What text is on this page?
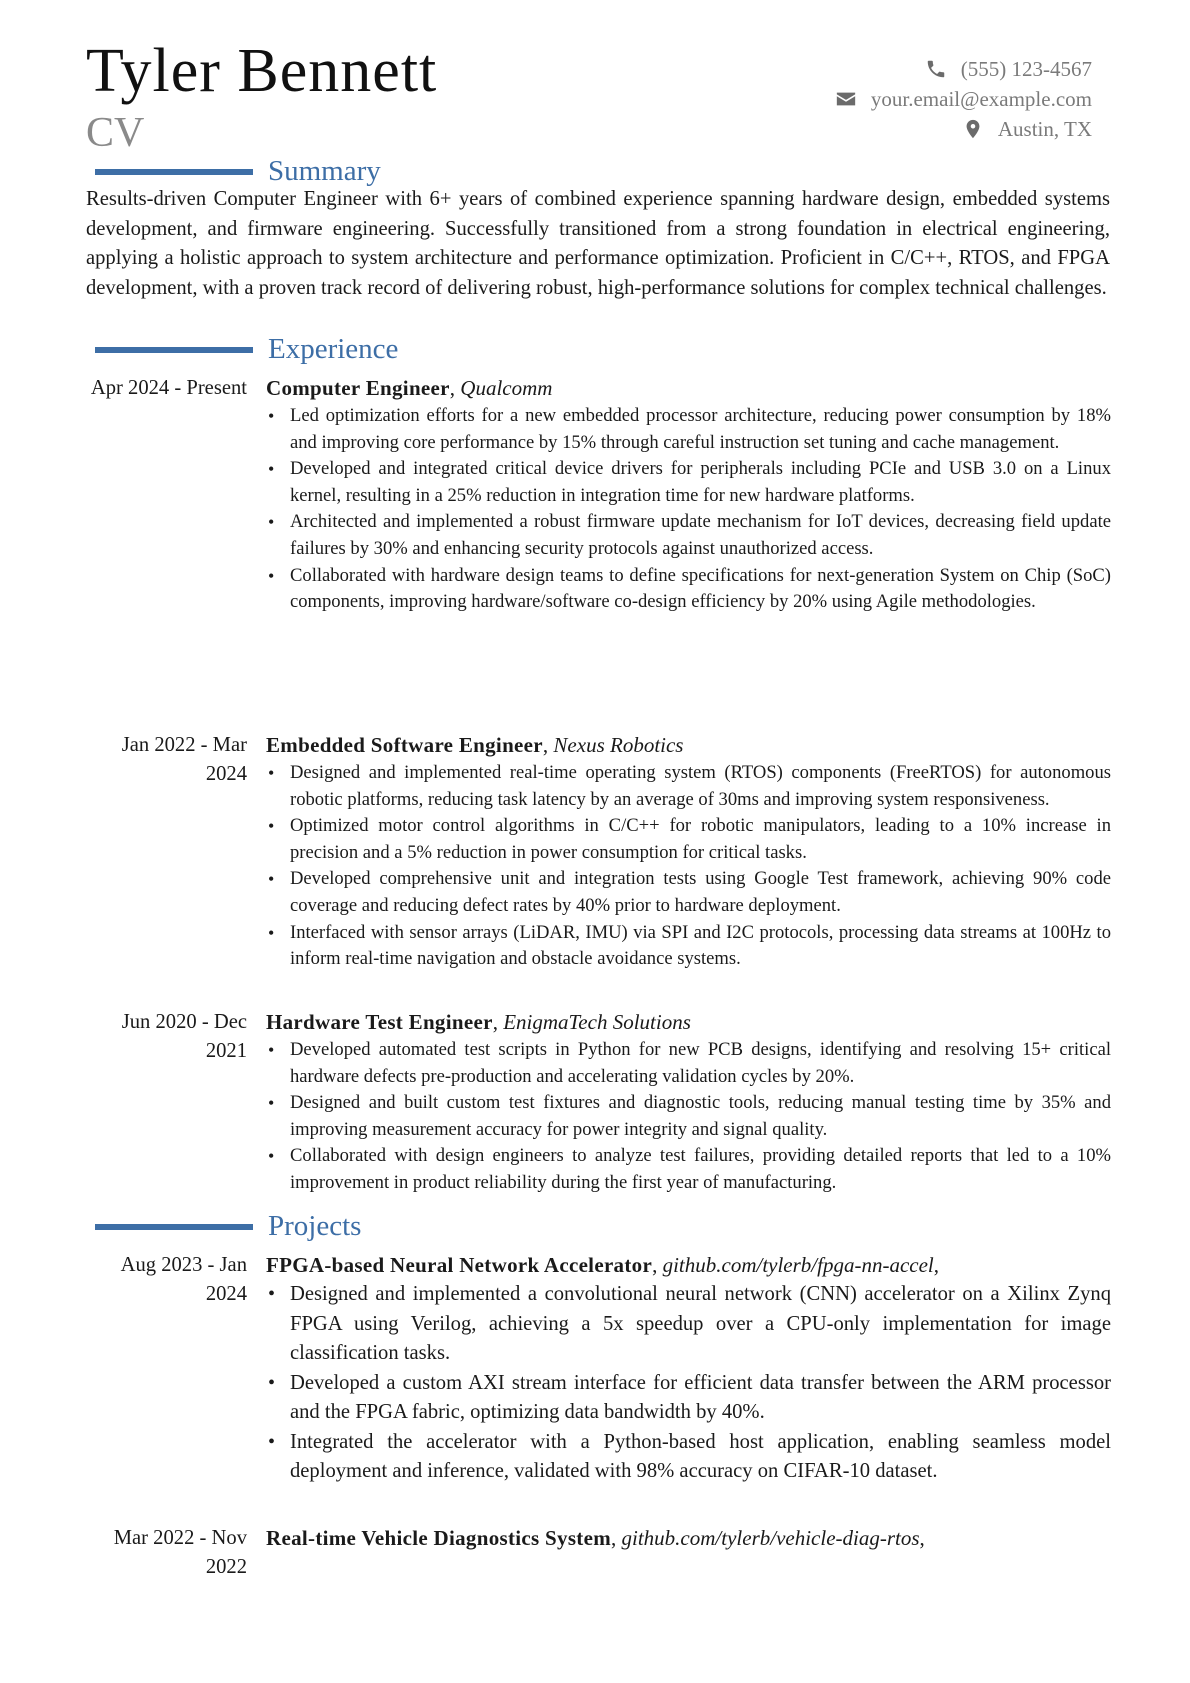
Tyler Bennett
CV
(555) 123-4567
your.email@example.com
Austin, TX
Summary
Results-driven Computer Engineer with 6+ years of combined experience spanning hardware design, embedded systems development, and firmware engineering. Successfully transitioned from a strong foundation in electrical engineering, applying a holistic approach to system architecture and performance optimization. Proficient in C/C++, RTOS, and FPGA development, with a proven track record of delivering robust, high-performance solutions for complex technical challenges.
Experience
Apr 2024 - Present Computer Engineer, Qualcomm
• Led optimization efforts for a new embedded processor architecture, reducing power consumption by 18% and improving core performance by 15% through careful instruction set tuning and cache management.
• Developed and integrated critical device drivers for peripherals including PCIe and USB 3.0 on a Linux kernel, resulting in a 25% reduction in integration time for new hardware platforms.
• Architected and implemented a robust firmware update mechanism for IoT devices, decreasing field update failures by 30% and enhancing security protocols against unauthorized access.
• Collaborated with hardware design teams to define specifications for next-generation System on Chip (SoC) components, improving hardware/software co-design efficiency by 20% using Agile methodologies.
Jan 2022 - Mar 2024
Embedded Software Engineer, Nexus Robotics
• Designed and implemented real-time operating system (RTOS) components (FreeRTOS) for autonomous robotic platforms, reducing task latency by an average of 30ms and improving system responsiveness.
• Optimized motor control algorithms in C/C++ for robotic manipulators, leading to a 10% increase in precision and a 5% reduction in power consumption for critical tasks.
• Developed comprehensive unit and integration tests using Google Test framework, achieving 90% code coverage and reducing defect rates by 40% prior to hardware deployment.
• Interfaced with sensor arrays (LiDAR, IMU) via SPI and I2C protocols, processing data streams at 100Hz to inform real-time navigation and obstacle avoidance systems.
Jun 2020 - Dec 2021
Hardware Test Engineer, EnigmaTech Solutions
• Developed automated test scripts in Python for new PCB designs, identifying and resolving 15+ critical hardware defects pre-production and accelerating validation cycles by 20%.
• Designed and built custom test fixtures and diagnostic tools, reducing manual testing time by 35% and improving measurement accuracy for power integrity and signal quality.
• Collaborated with design engineers to analyze test failures, providing detailed reports that led to a 10% improvement in product reliability during the first year of manufacturing.
Projects
Aug 2023 - Jan 2024
FPGA-based Neural Network Accelerator, github.com/tylerb/fpga-nn-accel,
• Designed and implemented a convolutional neural network (CNN) accelerator on a Xilinx Zynq FPGA using Verilog, achieving a 5x speedup over a CPU-only implementation for image classification tasks.
• Developed a custom AXI stream interface for efficient data transfer between the ARM processor and the FPGA fabric, optimizing data bandwidth by 40%.
• Integrated the accelerator with a Python-based host application, enabling seamless model deployment and inference, validated with 98% accuracy on CIFAR-10 dataset.
Mar 2022 - Nov 2022
Real-time Vehicle Diagnostics System, github.com/tylerb/vehicle-diag-rtos,
